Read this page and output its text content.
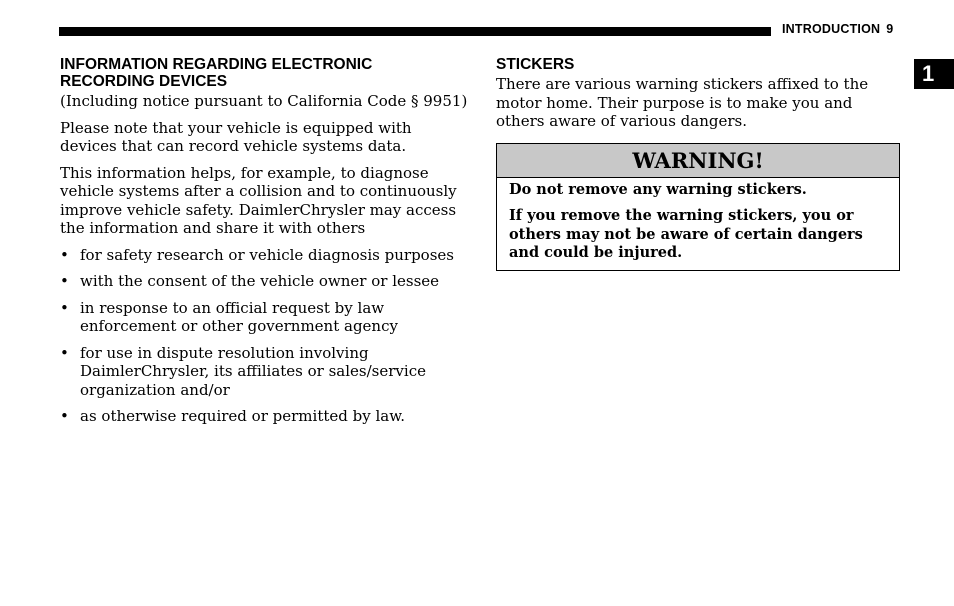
INTRODUCTION 9
1
INFORMATION REGARDING ELECTRONIC RECORDING DEVICES

(Including notice pursuant to California Code § 9951)

Please note that your vehicle is equipped with devices that can record vehicle systems data.

This information helps, for example, to diagnose vehicle systems after a collision and to continuously improve vehicle safety. DaimlerChrysler may access the information and share it with others

• for safety research or vehicle diagnosis purposes
• with the consent of the vehicle owner or lessee
• in response to an official request by law enforcement or other government agency
• for use in dispute resolution involving DaimlerChrysler, its affiliates or sales/service organization and/or
• as otherwise required or permitted by law.
STICKERS

There are various warning stickers affixed to the motor home. Their purpose is to make you and others aware of various dangers.

WARNING!

Do not remove any warning stickers.

If you remove the warning stickers, you or others may not be aware of certain dangers and could be injured.
